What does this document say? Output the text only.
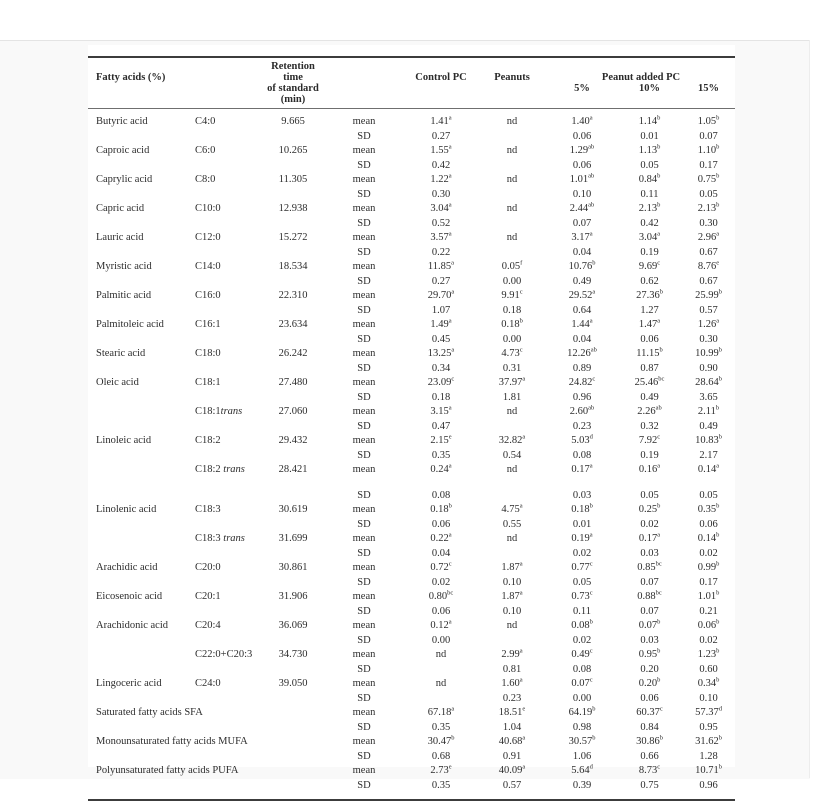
Fatty acids (%)		Retention time		Control PC	Peanuts	Peanut added PC		
		of standard (min)				5%	10%	15%
Butyric acid	C4:0	9.665	mean	1.41$^a$	nd	1.40$^a$	1.14$^b$	1.05$^b$
			SD	0.27		0.06	0.01	0.07
Caproic acid	C6:0	10.265	mean	1.55$^a$	nd	1.29$^{ab}$	1.13$^b$	1.10$^b$
			SD	0.42		0.06	0.05	0.17
Caprylic acid	C8:0	11.305	mean	1.22$^a$	nd	1.01$^{ab}$	0.84$^b$	0.75$^b$
			SD	0.30		0.10	0.11	0.05
Capric acid	C10:0	12.938	mean	3.04$^a$	nd	2.44$^{ab}$	2.13$^b$	2.13$^b$
			SD	0.52		0.07	0.42	0.30
Lauric acid	C12:0	15.272	mean	3.57$^a$	nd	3.17$^a$	3.04$^a$	2.96$^a$
			SD	0.22		0.04	0.19	0.67
Myristic acid	C14:0	18.534	mean	11.85$^a$	0.05$^f$	10.76$^b$	9.69$^c$	8.76e
			SD	0.27	0.00	0.49	0.62	0.67
Palmitic acid	C16:0	22.310	mean	29.70$^a$	9.91$^c$	29.52$^a$	27.36$^b$	25.99$^b$
			SD	1.07	0.18	0.64	1.27	0.57
Palmitoleic acid	C16:1	23.634	mean	1.49$^a$	0.18$^b$	1.44$^a$	1.47$^a$	1.26$^a$
			SD	0.45	0.00	0.04	0.06	0.30
Stearic acid	C18:0	26.242	mean	13.25$^a$	4.73$^c$	12.26$^{ab}$	11.15$^b$	10.99$^b$
			SD	0.34	0.31	0.89	0.87	0.90
Oleic acid	C18:1	27.480	mean	23.09$^c$	37.97$^a$	24.82$^c$	25.46$^{bc}$	28.64$^b$
			SD	0.18	1.81	0.96	0.49	3.65
	C18:1trans	27.060	mean	3.15$^a$	nd	2.60$^{ab}$	2.26$^{ab}$	2.11$^b$
			SD	0.47		0.23	0.32	0.49
Linoleic acid	C18:2	29.432	mean	2.15e	32.82$^a$	5.03$^d$	7.92$^c$	10.83$^b$
			SD	0.35	0.54	0.08	0.19	2.17
	C18:2 trans	28.421	mean	0.24$^a$	nd	0.17$^a$	0.16$^a$	0.14$^a$
			SD	0.08		0.03	0.05	0.05
Linolenic acid	C18:3	30.619	mean	0.18$^b$	4.75$^a$	0.18$^b$	0.25$^b$	0.35$^b$
			SD	0.06	0.55	0.01	0.02	0.06
	C18:3 trans	31.699	mean	0.22$^a$	nd	0.19$^a$	0.17$^a$	0.14$^b$
			SD	0.04		0.02	0.03	0.02
Arachidic acid	C20:0	30.861	mean	0.72$^c$	1.87$^a$	0.77$^c$	0.85$^{bc}$	0.99$^b$
			SD	0.02	0.10	0.05	0.07	0.17
Eicosenoic acid	C20:1	31.906	mean	0.80$^{bc}$	1.87$^a$	0.73$^c$	0.88$^{bc}$	1.01$^b$
			SD	0.06	0.10	0.11	0.07	0.21
Arachidonic acid	C20:4	36.069	mean	0.12$^a$	nd	0.08$^b$	0.07$^b$	0.06$^b$
			SD	0.00		0.02	0.03	0.02
	C22:0+C20:3	34.730	mean	nd	2.99$^a$	0.49$^c$	0.95$^b$	1.23$^b$
			SD		0.81	0.08	0.20	0.60
Lingoceric acid	C24:0	39.050	mean	nd	1.60$^a$	0.07$^c$	0.20$^b$	0.34$^b$
			SD		0.23	0.00	0.06	0.10
Saturated fatty acids SFA			mean	67.18$^a$	18.51e	64.19$^b$	60.37$^c$	57.37$^d$
			SD	0.35	1.04	0.98	0.84	0.95
Monounsaturated fatty acids MUFA			mean	30.47$^b$	40.68$^a$	30.57$^b$	30.86$^b$	31.62$^b$
			SD	0.68	0.91	1.06	0.66	1.28
Polyunsaturated fatty acids PUFA			mean	2.73e	40.09$^a$	5.64$^d$	8.73$^c$	10.71$^b$
			SD	0.35	0.57	0.39	0.75	0.96
